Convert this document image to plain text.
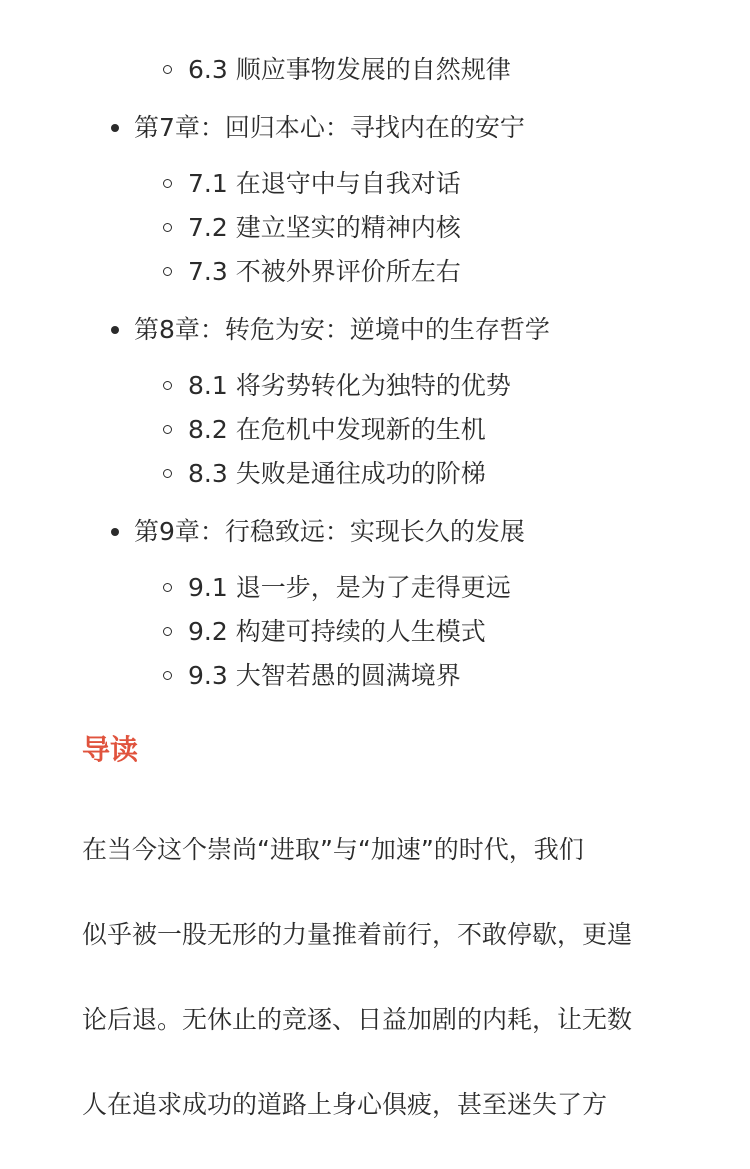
6.3 顺应事物发展的自然规律
第7章：回归本心：寻找内在的安宁
7.1 在退守中与自我对话
7.2 建立坚实的精神内核
7.3 不被外界评价所左右
第8章：转危为安：逆境中的生存哲学
8.1 将劣势转化为独特的优势
8.2 在危机中发现新的生机
8.3 失败是通往成功的阶梯
第9章：行稳致远：实现长久的发展
9.1 退一步，是为了走得更远
9.2 构建可持续的人生模式
9.3 大智若愚的圆满境界
导读

在当今这个崇尚“进取”与“加速”的时代，我们

似乎被一股无形的力量推着前行，不敢停歇，更遑

论后退。无休止的竞逐、日益加剧的内耗，让无数

人在追求成功的道路上身心俱疲，甚至迷失了方
